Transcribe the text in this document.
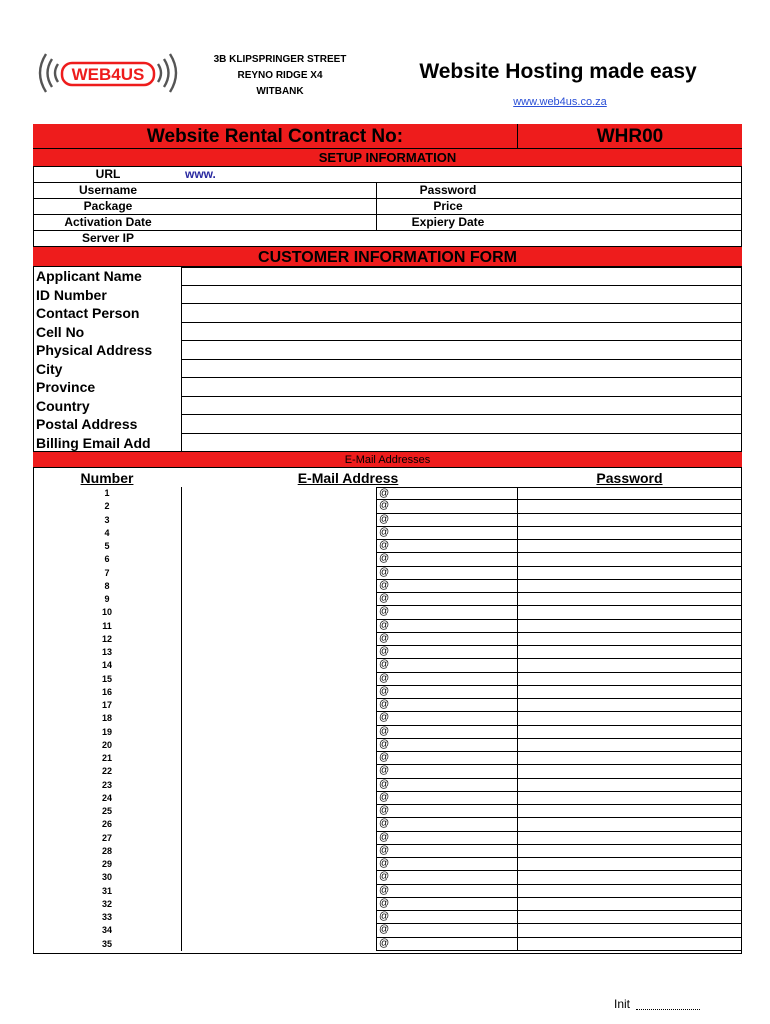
WEB4US
3B KLIPSPRINGER STREET
REYNO RIDGE X4
WITBANK
Website Hosting made easy
www.web4us.co.za
Website Rental Contract No:	WHR00
SETUP INFORMATION
URL	www.
Username	Password
Package	Price
Activation Date	Expiery Date
Server IP
CUSTOMER INFORMATION FORM
Applicant Name
ID Number
Contact Person
Cell No
Physical Address
City
Province
Country
Postal Address
Billing Email Add
E-Mail Addresses
Number	E-Mail Address	Password
1	@
2	@
3	@
4	@
5	@
6	@
7	@
8	@
9	@
10	@
11	@
12	@
13	@
14	@
15	@
16	@
17	@
18	@
19	@
20	@
21	@
22	@
23	@
24	@
25	@
26	@
27	@
28	@
29	@
30	@
31	@
32	@
33	@
34	@
35	@
Init
